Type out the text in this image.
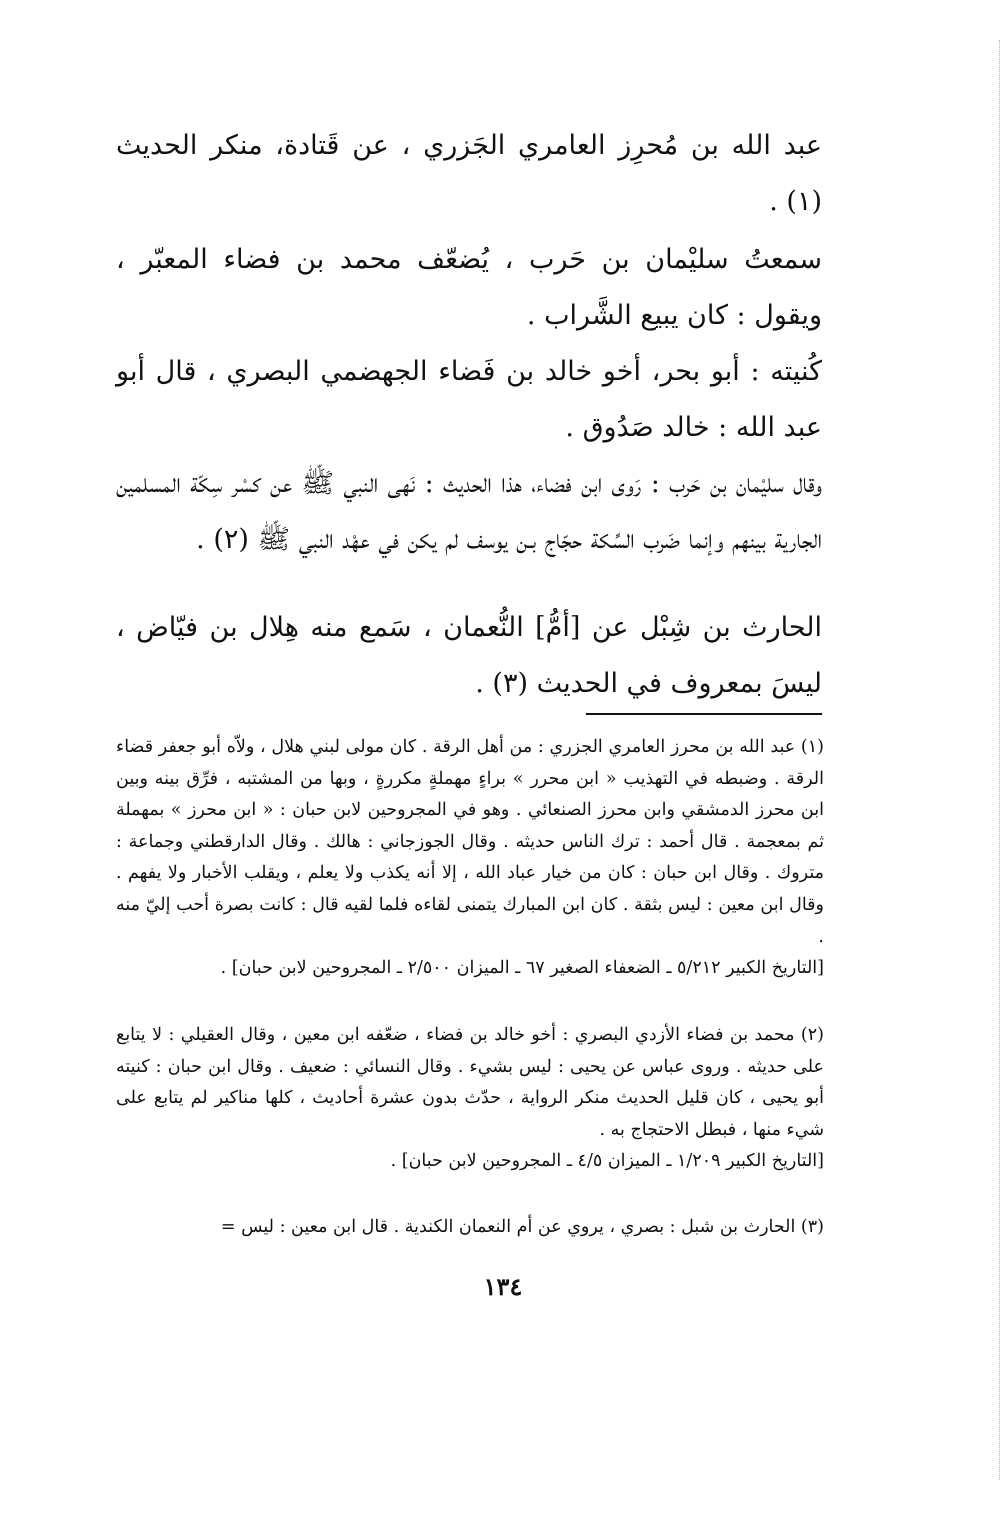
عبد الله بن مُحرِز العامري الجَزري ، عن قَتادة، منكر الحديث (١) .

سمعتُ سليْمان بن حَرب ، يُضعّف محمد بن فضاء المعبّر ، ويقول : كان يبيع الشَّراب .

كُنيته : أبو بحر، أخو خالد بن فَضاء الجهضمي البصري ، قال أبو عبد الله : خالد صَدُوق .

وقال سليْمان بن حَرب : رَوى ابن فضاء، هذا الحديث : نَهى النبي ﷺ عن كسْر سِكّة المسلمين الجارية بينهم وإنما ضَرب السِّكة حجّاج بـن يوسف لم يكن في عهْد النبي ﷺ (٢) .

الحارث بن شِبْل عن [أمُّ] النُّعمان ، سَمع منه هِلال بن فيّاض ، ليسَ بمعروف في الحديث (٣) .

(١) عبد الله بن محرز العامري الجزري : من أهل الرقة . كان مولى لبني هلال ، ولاّه أبو جعفر قضاء الرقة . وضبطه في التهذيب « ابن محرر » براءٍ مهملةٍ مكررةٍ ، وبها من المشتبه ، فرِّق بينه وبين ابن محرز الدمشقي وابن محرز الصنعائي . وهو في المجروحين لابن حبان : « ابن محرز » بمهملة ثم بمعجمة . قال أحمد : ترك الناس حديثه . وقال الجوزجاني : هالك . وقال الدارقطني وجماعة : متروك . وقال ابن حبان : كان من خيار عباد الله ، إلا أنه يكذب ولا يعلم ، ويقلب الأخبار ولا يفهم . وقال ابن معين : ليس بثقة . كان ابن المبارك يتمنى لقاءه فلما لقيه قال : كانت بصرة أحب إليّ منه .

[التاريخ الكبير ٥/٢١٢ ـ الضعفاء الصغير ٦٧ ـ الميزان ٢/٥٠٠ ـ المجروحين لابن حبان] .

(٢) محمد بن فضاء الأزدي البصري : أخو خالد بن فضاء ، ضعّفه ابن معين ، وقال العقيلي : لا يتابع على حديثه . وروى عباس عن يحيى : ليس بشيء . وقال النسائي : ضعيف . وقال ابن حبان : كنيته أبو يحيى ، كان قليل الحديث منكر الرواية ، حدّث بدون عشرة أحاديث ، كلها مناكير لم يتابع على شيء منها ، فبطل الاحتجاج به .

[التاريخ الكبير ١/٢٠٩ ـ الميزان ٤/٥ ـ المجروحين لابن حبان] .

(٣) الحارث بن شبل : بصري ، يروي عن أم النعمان الكندية . قال ابن معين : ليس =

١٣٤
